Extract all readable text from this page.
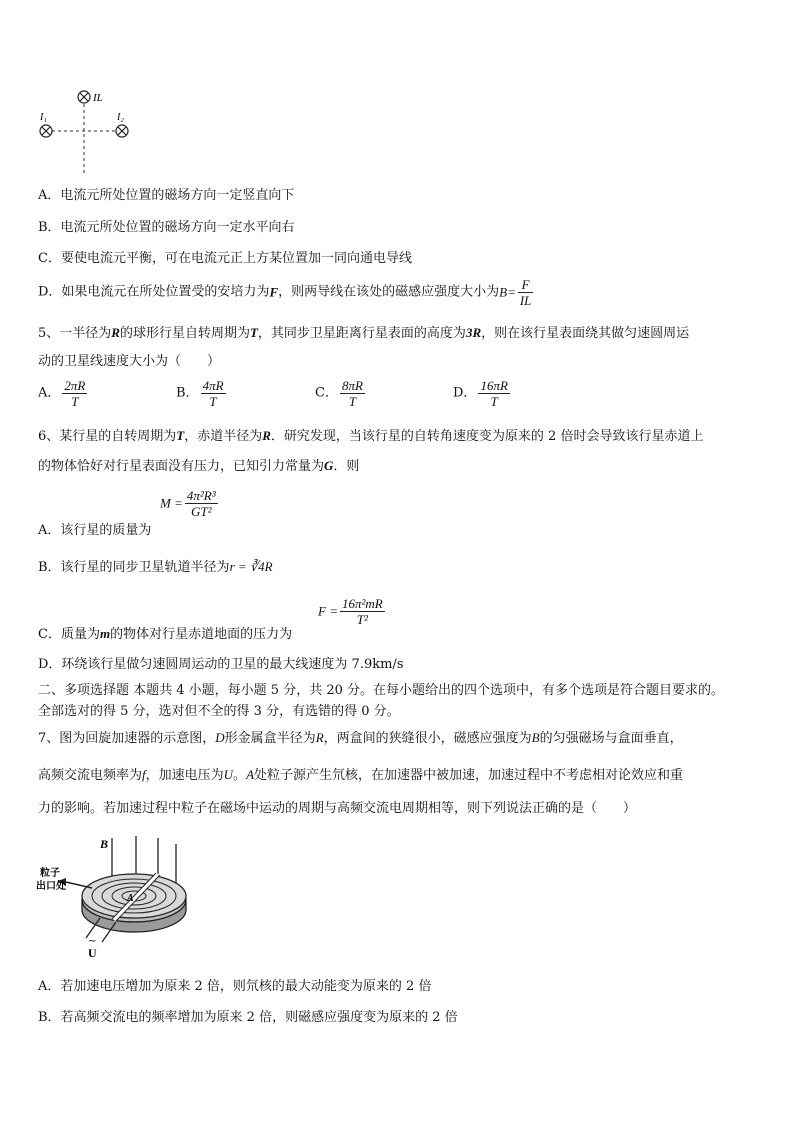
IL
I₁	I₂
A．电流元所处位置的磁场方向一定竖直向下
B．电流元所处位置的磁场方向一定水平向右
C．要使电流元平衡，可在电流元正上方某位置加一同向通电导线
D．如果电流元在所处位置受的安培力为F，则两导线在该处的磁感应强度大小为$B= \frac{F}{IL}$
5、一半径为R的球形行星自转周期为T，其同步卫星距离行星表面的高度为3R，则在该行星表面绕其做匀速圆周运
动的卫星线速度大小为（　　）
A． $\frac{2\pi R}{T}$	B． $\frac{4\pi R}{T}$	C． $\frac{8\pi R}{T}$	D． $\frac{16\pi R}{T}$
6、某行星的自转周期为T，赤道半径为R．研究发现，当该行星的自转角速度变为原来的 2 倍时会导致该行星赤道上
的物体恰好对行星表面没有压力，已知引力常量为G．则
A．该行星的质量为
$M = \frac{\text{4π²R³}}{\text{GT²}}$
B．该行星的同步卫星轨道半径为r = ∛4R
C．质量为m的物体对行星赤道地面的压力为
$F = \frac{\text{16π²mR}}{\text{T²}}$
D．环绕该行星做匀速圆周运动的卫星的最大线速度为 7.9km/s
二、多项选择题 本题共 4 小题，每小题 5 分，共 20 分。在每小题给出的四个选项中，有多个选项是符合题目要求的。
全部选对的得 5 分，选对但不全的得 3 分，有选错的得 0 分。
7、图为回旋加速器的示意图，D形金属盒半径为R，两盒间的狭缝很小，磁感应强度为B的匀强磁场与盒面垂直，
高频交流电频率为f，加速电压为U。A处粒子源产生氘核，在加速器中被加速，加速过程中不考虑相对论效应和重
力的影响。若加速过程中粒子在磁场中运动的周期与高频交流电周期相等，则下列说法正确的是（　　）
B
粒子
出口处
A
U
~
A．若加速电压增加为原来 2 倍，则氘核的最大动能变为原来的 2 倍
B．若高频交流电的频率增加为原来 2 倍，则磁感应强度变为原来的 2 倍
